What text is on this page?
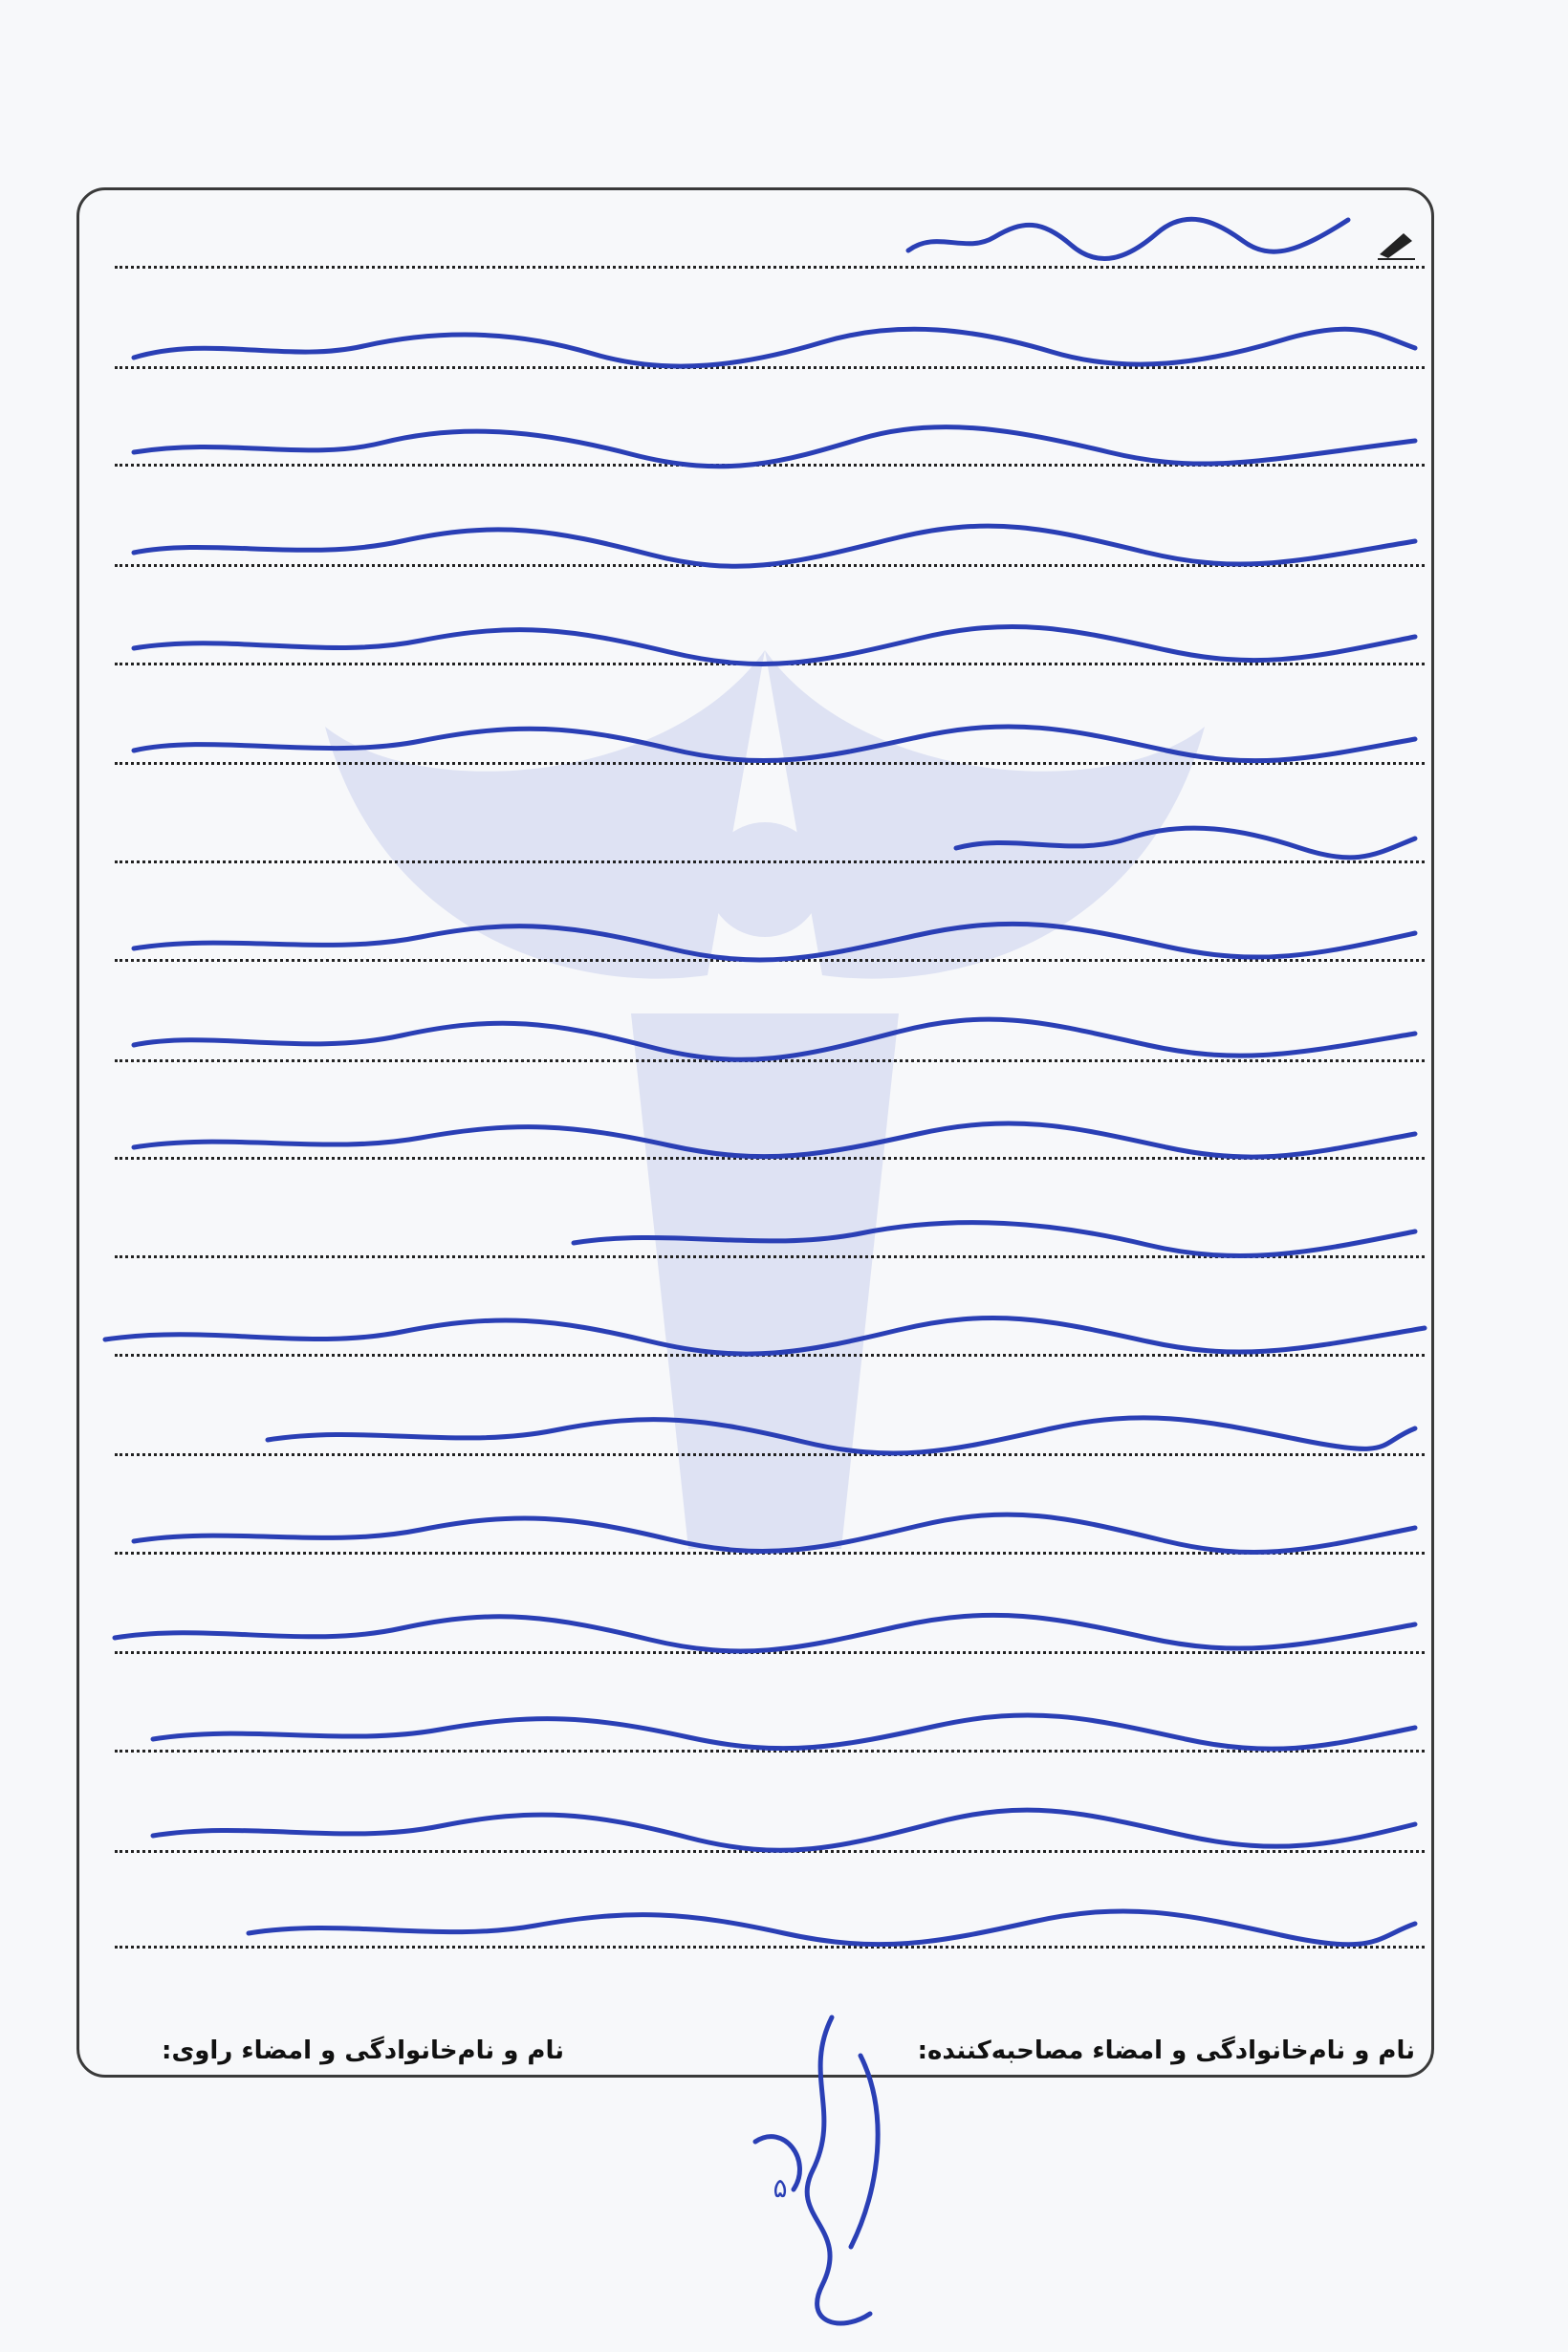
نام و نام‌خانوادگی و امضاء مصاحبه‌کننده:
نام و نام‌خانوادگی و امضاء راوی:
۵
